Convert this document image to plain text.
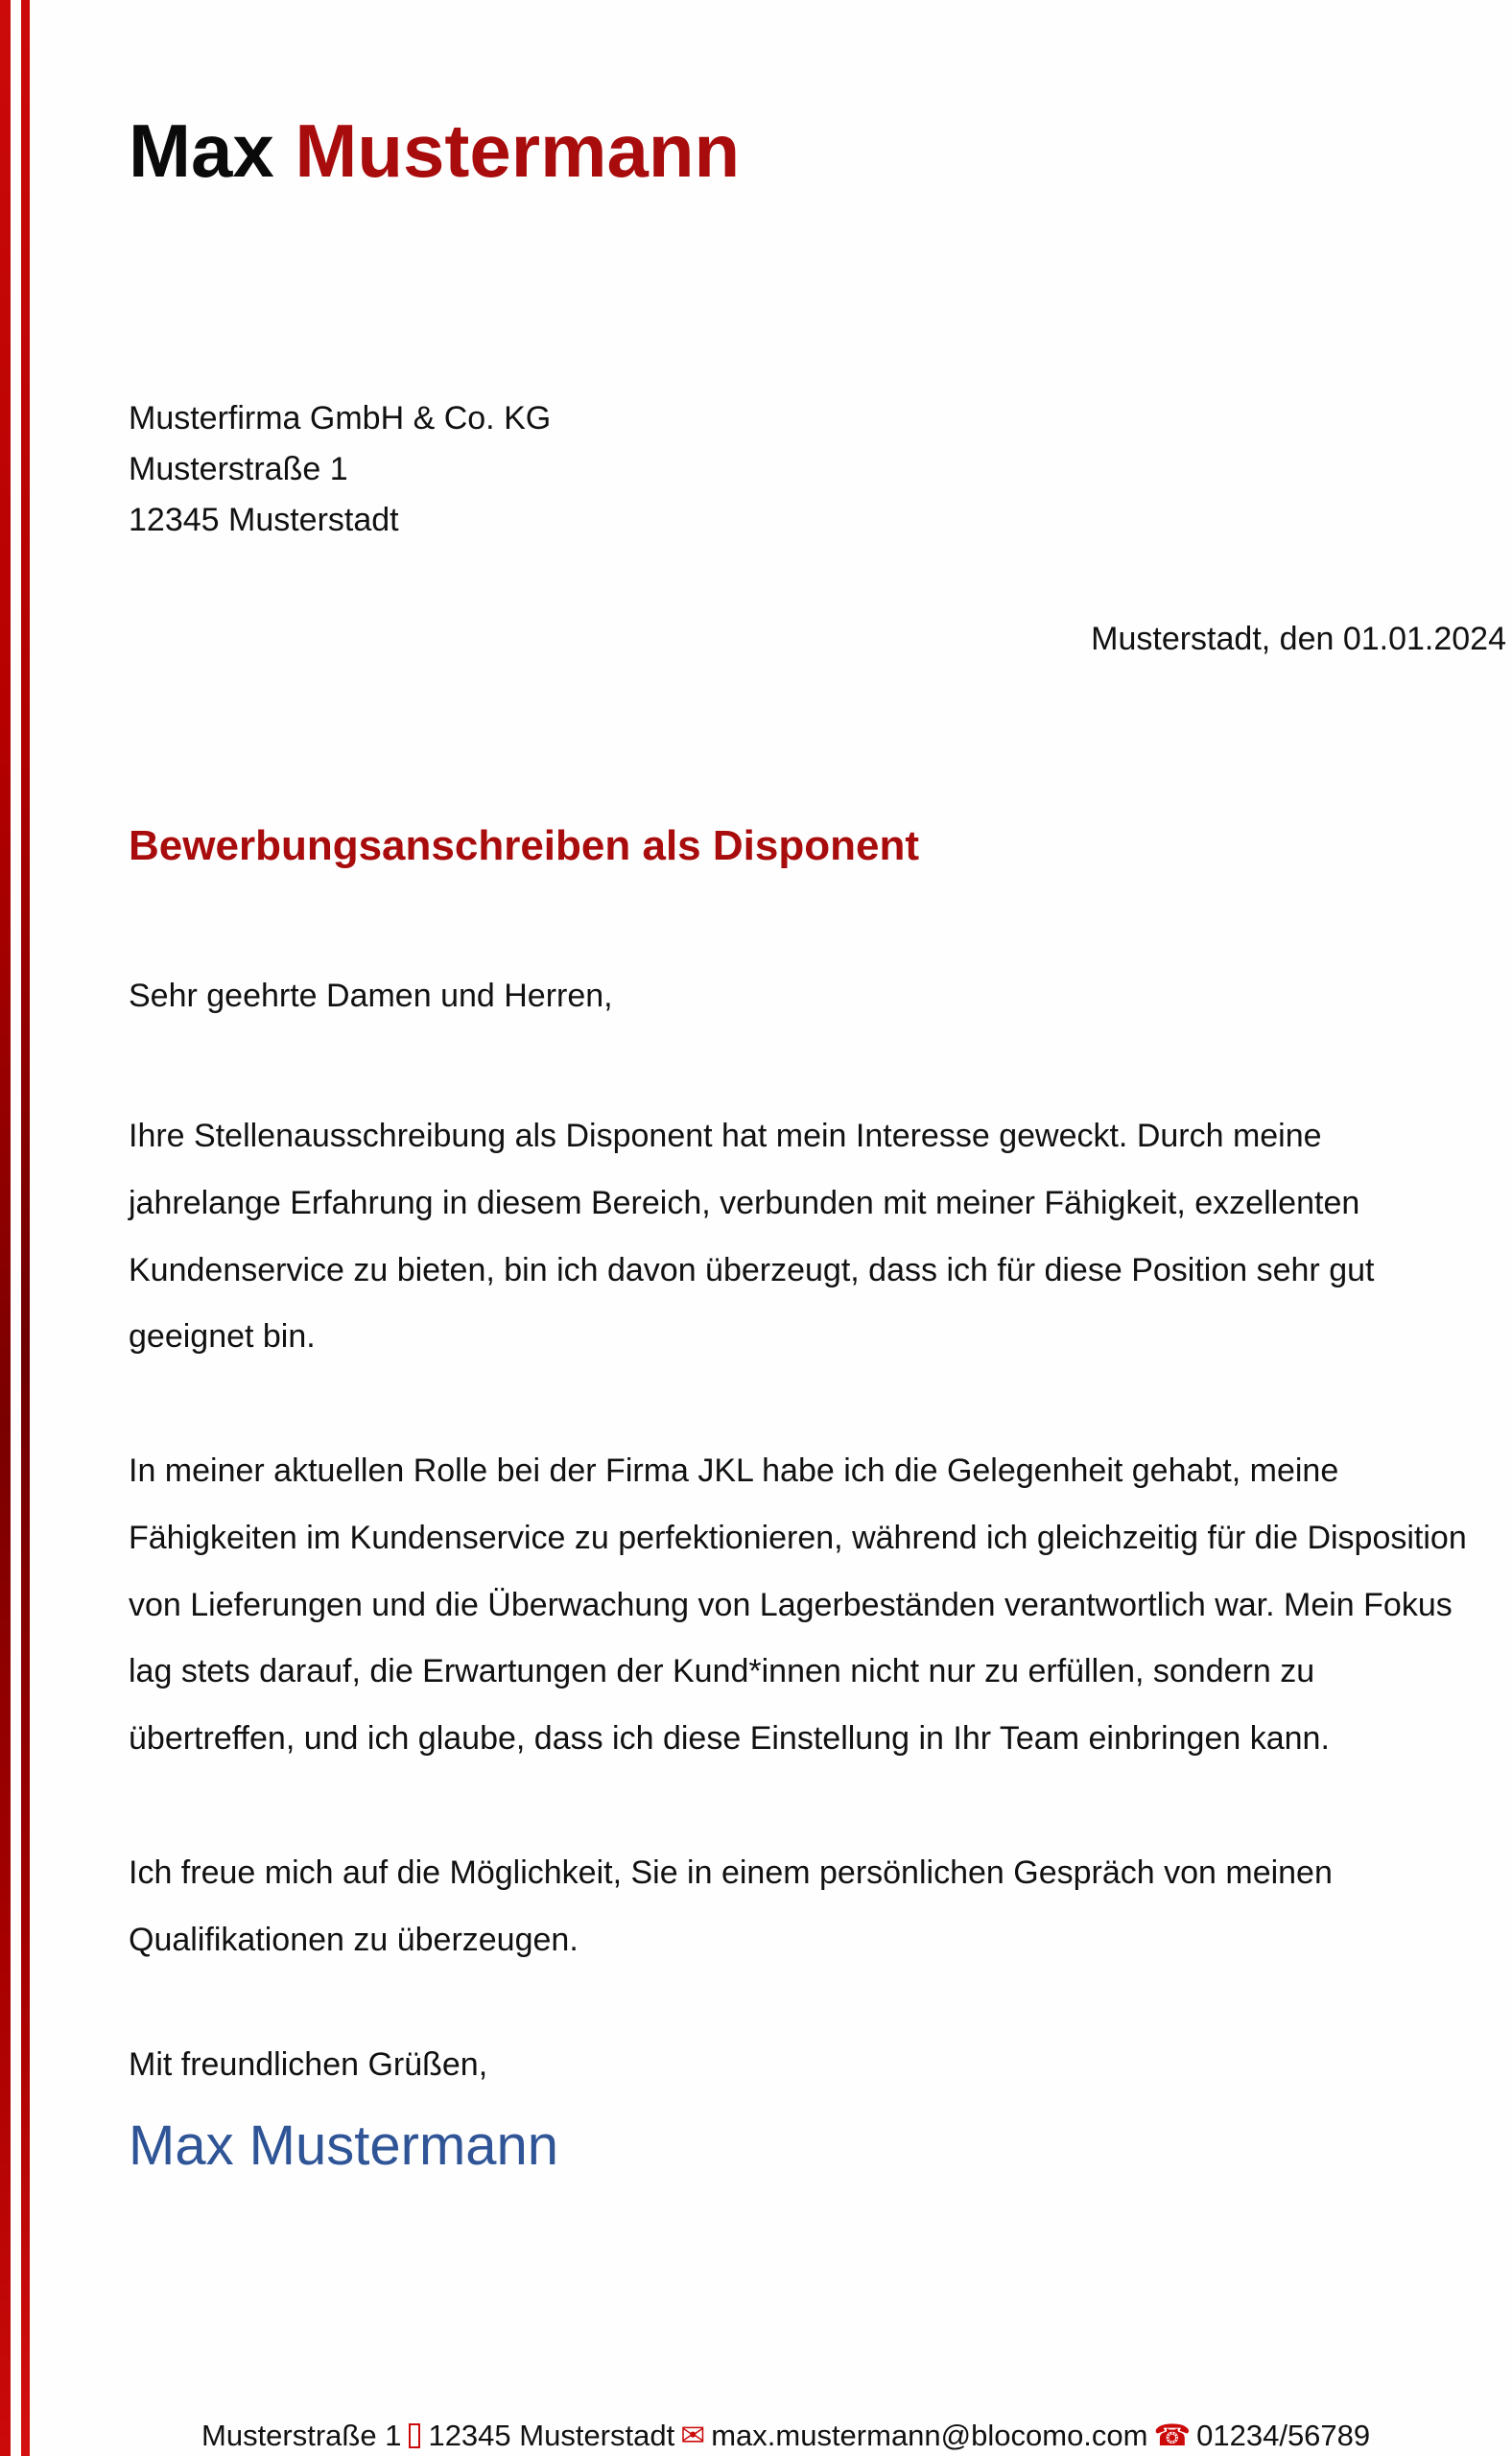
Max Mustermann
Musterfirma GmbH & Co. KG
Musterstraße 1
12345 Musterstadt
Musterstadt, den 01.01.2024
Bewerbungsanschreiben als Disponent
Sehr geehrte Damen und Herren,

Ihre Stellenausschreibung als Disponent hat mein Interesse geweckt. Durch meine
jahrelange Erfahrung in diesem Bereich, verbunden mit meiner Fähigkeit, exzellenten
Kundenservice zu bieten, bin ich davon überzeugt, dass ich für diese Position sehr gut
geeignet bin.

In meiner aktuellen Rolle bei der Firma JKL habe ich die Gelegenheit gehabt, meine
Fähigkeiten im Kundenservice zu perfektionieren, während ich gleichzeitig für die Disposition
von Lieferungen und die Überwachung von Lagerbeständen verantwortlich war. Mein Fokus
lag stets darauf, die Erwartungen der Kund*innen nicht nur zu erfüllen, sondern zu
übertreffen, und ich glaube, dass ich diese Einstellung in Ihr Team einbringen kann.

Ich freue mich auf die Möglichkeit, Sie in einem persönlichen Gespräch von meinen
Qualifikationen zu überzeugen.

Mit freundlichen Grüßen,
Max Mustermann
Musterstraße 1 12345 Musterstadt ✉ max.mustermann@blocomo.com ☎ 01234/56789
